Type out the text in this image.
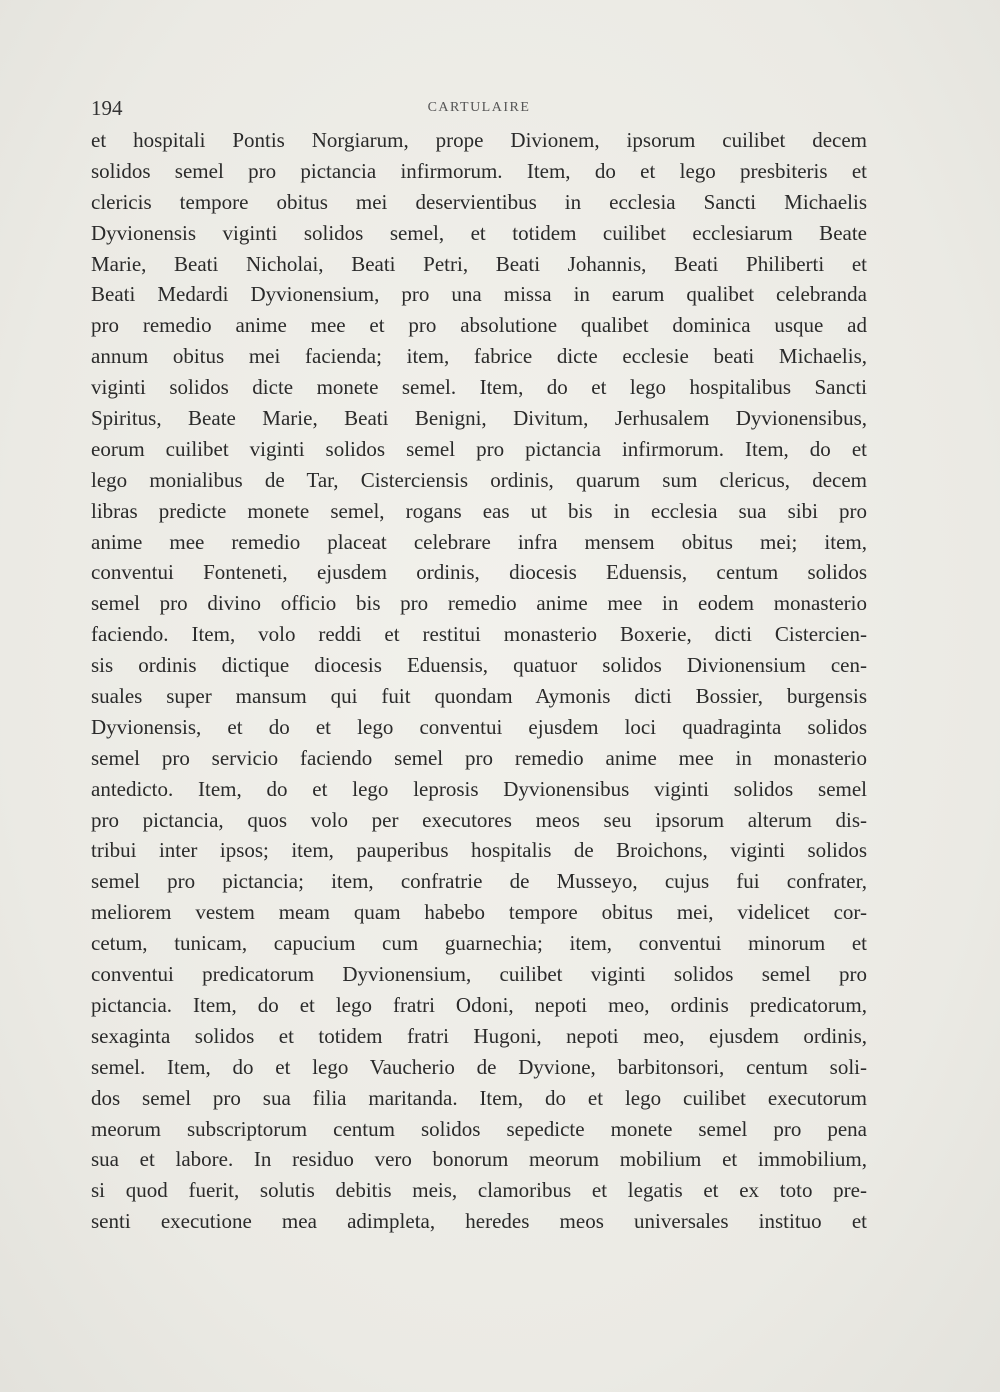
194	CARTULAIRE
et hospitali Pontis Norgiarum, prope Divionem, ipsorum cuilibet decem
solidos semel pro pictancia infirmorum. Item, do et lego presbiteris et
clericis tempore obitus mei deservientibus in ecclesia Sancti Michaelis
Dyvionensis viginti solidos semel, et totidem cuilibet ecclesiarum Beate
Marie, Beati Nicholai, Beati Petri, Beati Johannis, Beati Philiberti et
Beati Medardi Dyvionensium, pro una missa in earum qualibet celebranda
pro remedio anime mee et pro absolutione qualibet dominica usque ad
annum obitus mei facienda; item, fabrice dicte ecclesie beati Michaelis,
viginti solidos dicte monete semel. Item, do et lego hospitalibus Sancti
Spiritus, Beate Marie, Beati Benigni, Divitum, Jerhusalem Dyvionensibus,
eorum cuilibet viginti solidos semel pro pictancia infirmorum. Item, do et
lego monialibus de Tar, Cisterciensis ordinis, quarum sum clericus, decem
libras predicte monete semel, rogans eas ut bis in ecclesia sua sibi pro
anime mee remedio placeat celebrare infra mensem obitus mei; item,
conventui Fonteneti, ejusdem ordinis, diocesis Eduensis, centum solidos
semel pro divino officio bis pro remedio anime mee in eodem monasterio
faciendo. Item, volo reddi et restitui monasterio Boxerie, dicti Cistercien-
sis ordinis dictique diocesis Eduensis, quatuor solidos Divionensium cen-
suales super mansum qui fuit quondam Aymonis dicti Bossier, burgensis
Dyvionensis, et do et lego conventui ejusdem loci quadraginta solidos
semel pro servicio faciendo semel pro remedio anime mee in monasterio
antedicto. Item, do et lego leprosis Dyvionensibus viginti solidos semel
pro pictancia, quos volo per executores meos seu ipsorum alterum dis-
tribui inter ipsos; item, pauperibus hospitalis de Broichons, viginti solidos
semel pro pictancia; item, confratrie de Musseyo, cujus fui confrater,
meliorem vestem meam quam habebo tempore obitus mei, videlicet cor-
cetum, tunicam, capucium cum guarnechia; item, conventui minorum et
conventui predicatorum Dyvionensium, cuilibet viginti solidos semel pro
pictancia. Item, do et lego fratri Odoni, nepoti meo, ordinis predicatorum,
sexaginta solidos et totidem fratri Hugoni, nepoti meo, ejusdem ordinis,
semel. Item, do et lego Vaucherio de Dyvione, barbitonsori, centum soli-
dos semel pro sua filia maritanda. Item, do et lego cuilibet executorum
meorum subscriptorum centum solidos sepedicte monete semel pro pena
sua et labore. In residuo vero bonorum meorum mobilium et immobilium,
si quod fuerit, solutis debitis meis, clamoribus et legatis et ex toto pre-
senti executione mea adimpleta, heredes meos universales instituo et
